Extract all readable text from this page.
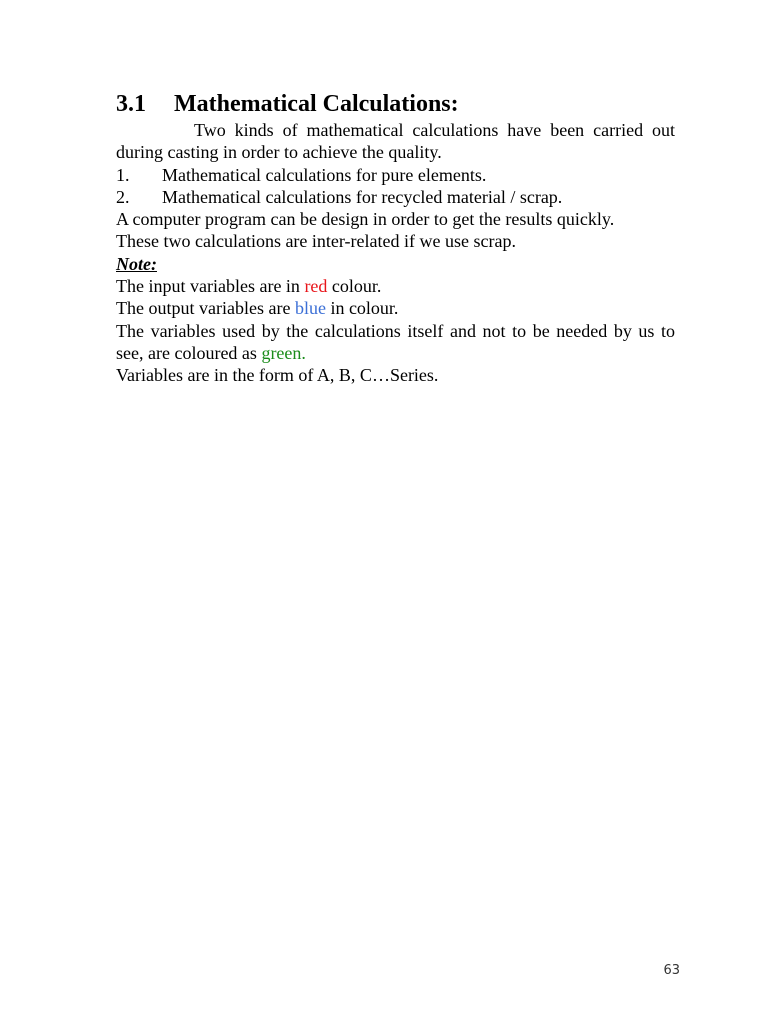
3.1	Mathematical Calculations:

Two kinds of mathematical calculations have been carried out during casting in order to achieve the quality.

1.	Mathematical calculations for pure elements.
2.	Mathematical calculations for recycled material / scrap.

A computer program can be design in order to get the results quickly.

These two calculations are inter-related if we use scrap.

Note:

The input variables are in red colour.

The output variables are blue in colour.

The variables used by the calculations itself and not to be needed by us to see, are coloured as green.

Variables are in the form of A, B, C…Series.

63
